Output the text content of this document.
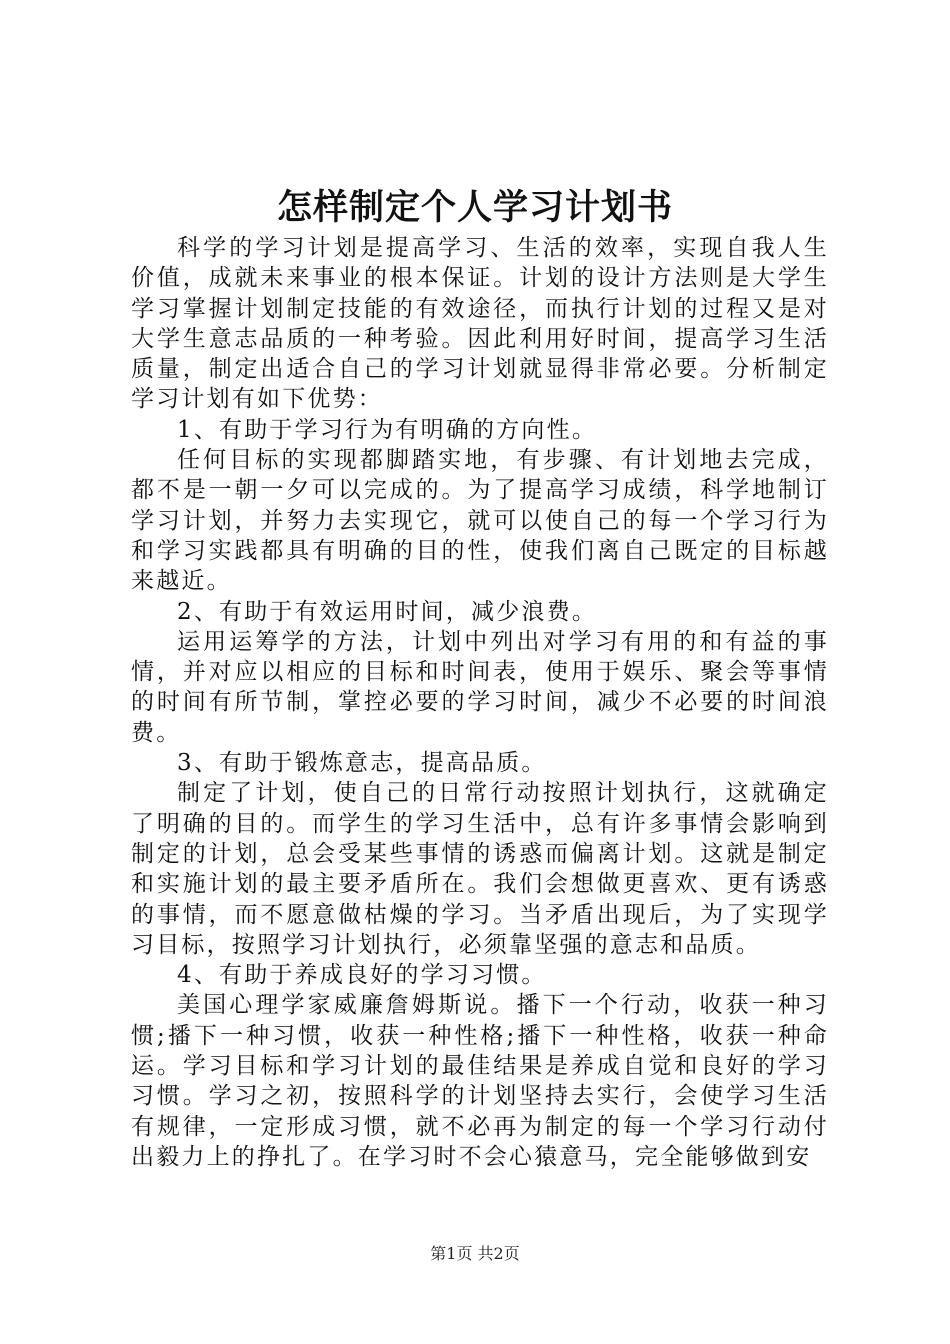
怎样制定个人学习计划书

科学的学习计划是提高学习、生活的效率，实现自我人生价值，成就未来事业的根本保证。计划的设计方法则是大学生学习掌握计划制定技能的有效途径，而执行计划的过程又是对大学生意志品质的一种考验。因此利用好时间，提高学习生活质量，制定出适合自己的学习计划就显得非常必要。分析制定学习计划有如下优势：

1、有助于学习行为有明确的方向性。

任何目标的实现都脚踏实地，有步骤、有计划地去完成，都不是一朝一夕可以完成的。为了提高学习成绩，科学地制订学习计划，并努力去实现它，就可以使自己的每一个学习行为和学习实践都具有明确的目的性，使我们离自己既定的目标越来越近。

2、有助于有效运用时间，减少浪费。

运用运筹学的方法，计划中列出对学习有用的和有益的事情，并对应以相应的目标和时间表，使用于娱乐、聚会等事情的时间有所节制，掌控必要的学习时间，减少不必要的时间浪费。

3、有助于锻炼意志，提高品质。

制定了计划，使自己的日常行动按照计划执行，这就确定了明确的目的。而学生的学习生活中，总有许多事情会影响到制定的计划，总会受某些事情的诱惑而偏离计划。这就是制定和实施计划的最主要矛盾所在。我们会想做更喜欢、更有诱惑的事情，而不愿意做枯燥的学习。当矛盾出现后，为了实现学习目标，按照学习计划执行，必须靠坚强的意志和品质。

4、有助于养成良好的学习习惯。

美国心理学家威廉詹姆斯说。播下一个行动，收获一种习惯;播下一种习惯，收获一种性格;播下一种性格，收获一种命运。学习目标和学习计划的最佳结果是养成自觉和良好的学习习惯。学习之初，按照科学的计划坚持去实行，会使学习生活有规律，一定形成习惯，就不必再为制定的每一个学习行动付出毅力上的挣扎了。在学习时不会心猿意马，完全能够做到安

第1页 共2页
